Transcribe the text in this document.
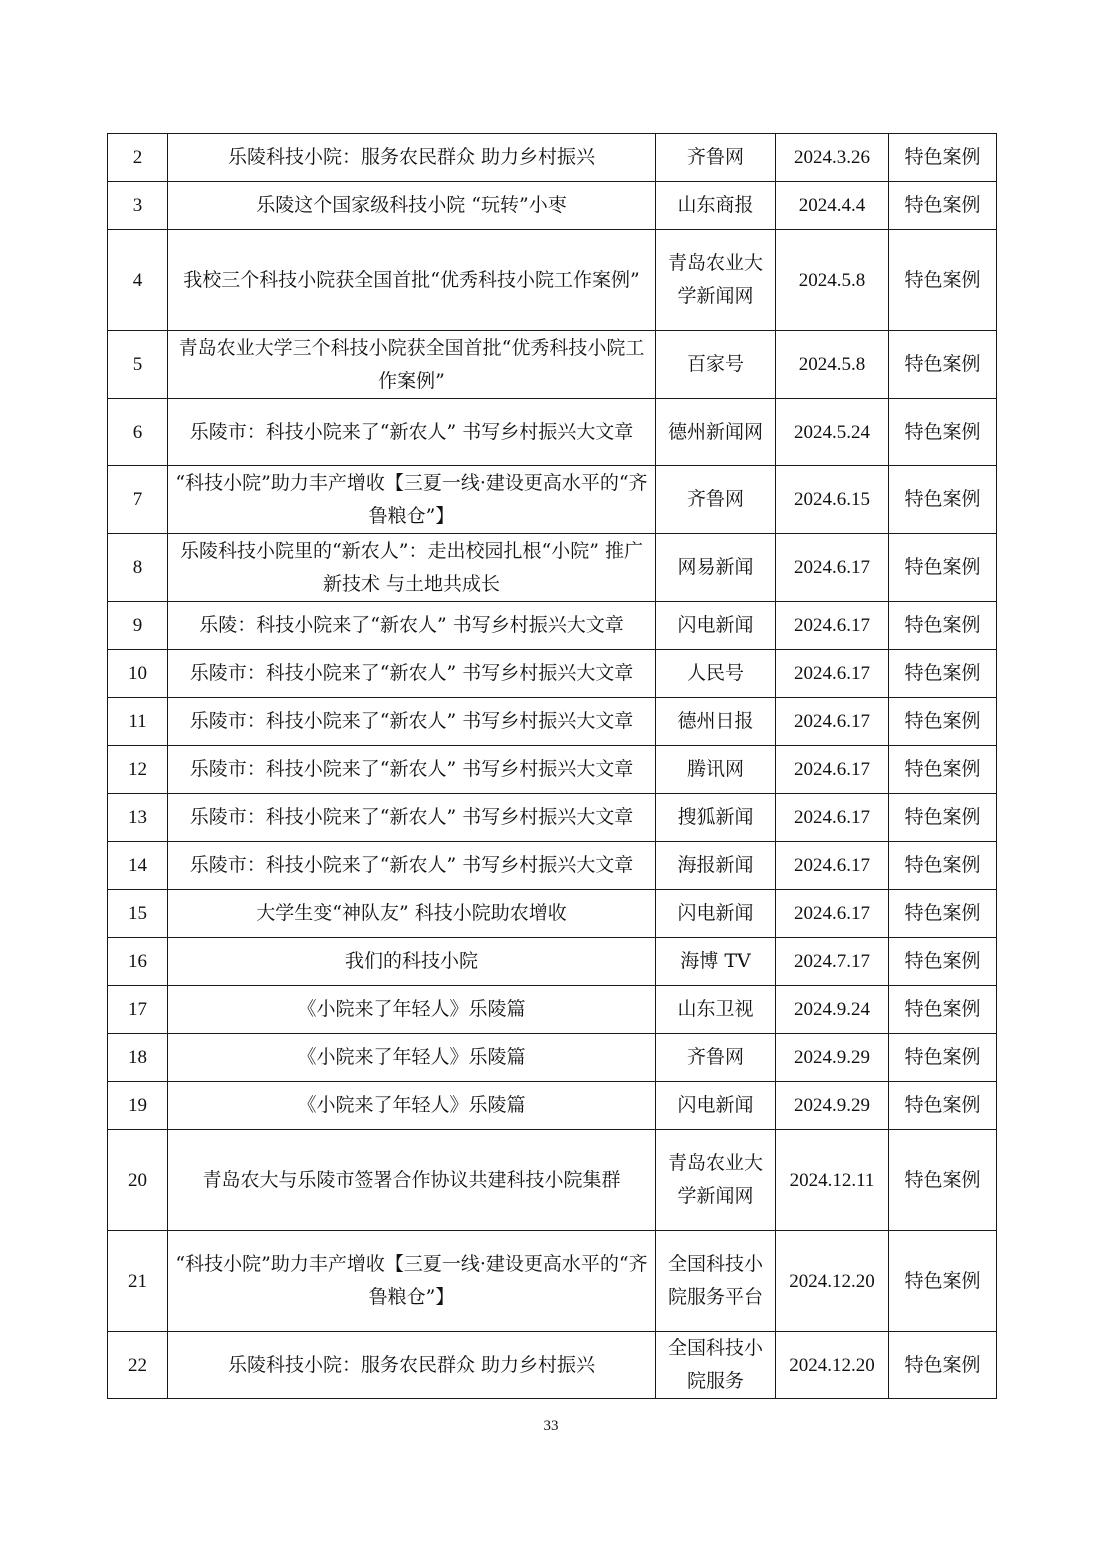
2	乐陵科技小院：服务农民群众 助力乡村振兴	齐鲁网	2024.3.26	特色案例
3	乐陵这个国家级科技小院 “玩转”小枣	山东商报	2024.4.4	特色案例
4	我校三个科技小院获全国首批“优秀科技小院工作案例”	青岛农业大学新闻网	2024.5.8	特色案例
5	青岛农业大学三个科技小院获全国首批“优秀科技小院工作案例”	百家号	2024.5.8	特色案例
6	乐陵市：科技小院来了“新农人” 书写乡村振兴大文章	德州新闻网	2024.5.24	特色案例
7	“科技小院”助力丰产增收【三夏一线·建设更高水平的“齐鲁粮仓”】	齐鲁网	2024.6.15	特色案例
8	乐陵科技小院里的“新农人”：走出校园扎根“小院” 推广新技术 与土地共成长	网易新闻	2024.6.17	特色案例
9	乐陵：科技小院来了“新农人” 书写乡村振兴大文章	闪电新闻	2024.6.17	特色案例
10	乐陵市：科技小院来了“新农人” 书写乡村振兴大文章	人民号	2024.6.17	特色案例
11	乐陵市：科技小院来了“新农人” 书写乡村振兴大文章	德州日报	2024.6.17	特色案例
12	乐陵市：科技小院来了“新农人” 书写乡村振兴大文章	腾讯网	2024.6.17	特色案例
13	乐陵市：科技小院来了“新农人” 书写乡村振兴大文章	搜狐新闻	2024.6.17	特色案例
14	乐陵市：科技小院来了“新农人” 书写乡村振兴大文章	海报新闻	2024.6.17	特色案例
15	大学生变“神队友” 科技小院助农增收	闪电新闻	2024.6.17	特色案例
16	我们的科技小院	海博 TV	2024.7.17	特色案例
17	《小院来了年轻人》乐陵篇	山东卫视	2024.9.24	特色案例
18	《小院来了年轻人》乐陵篇	齐鲁网	2024.9.29	特色案例
19	《小院来了年轻人》乐陵篇	闪电新闻	2024.9.29	特色案例
20	青岛农大与乐陵市签署合作协议共建科技小院集群	青岛农业大学新闻网	2024.12.11	特色案例
21	“科技小院”助力丰产增收【三夏一线·建设更高水平的“齐鲁粮仓”】	全国科技小院服务平台	2024.12.20	特色案例
22	乐陵科技小院：服务农民群众 助力乡村振兴	全国科技小院服务	2024.12.20	特色案例
33
